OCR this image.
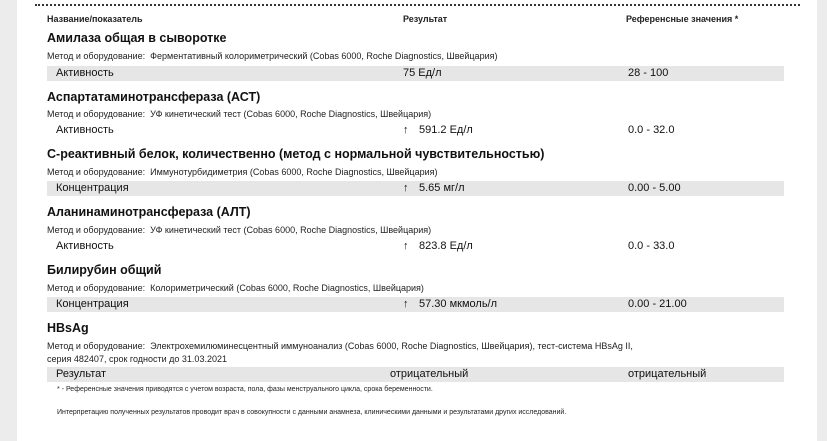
Название/показатель	Результат	Референсные значения *
Амилаза общая в сыворотке
Метод и оборудование: Ферментативный колориметрический (Cobas 6000, Roche Diagnostics, Швейцария)
Активность	75 Ед/л	28 - 100
Аспартатаминотрансфераза (АСТ)
Метод и оборудование: УФ кинетический тест (Cobas 6000, Roche Diagnostics, Швейцария)
Активность	↑ 591.2 Ед/л	0.0 - 32.0
С-реактивный белок, количественно (метод с нормальной чувствительностью)
Метод и оборудование: Иммунотурбидиметрия (Cobas 6000, Roche Diagnostics, Швейцария)
Концентрация	↑ 5.65 мг/л	0.00 - 5.00
Аланинаминотрансфераза (АЛТ)
Метод и оборудование: УФ кинетический тест (Cobas 6000, Roche Diagnostics, Швейцария)
Активность	↑ 823.8 Ед/л	0.0 - 33.0
Билирубин общий
Метод и оборудование: Колориметрический (Cobas 6000, Roche Diagnostics, Швейцария)
Концентрация	↑ 57.30 мкмоль/л	0.00 - 21.00
HBsAg
Метод и оборудование: Электрохемилюминесцентный иммуноанализ (Cobas 6000, Roche Diagnostics, Швейцария), тест-система HBsAg II,
серия 482407, срок годности до 31.03.2021
Результат	отрицательный	отрицательный
* - Референсные значения приводятся с учетом возраста, пола, фазы менструального цикла, срока беременности.
Интерпретацию полученных результатов проводит врач в совокупности с данными анамнеза, клиническими данными и результатами других исследований.
